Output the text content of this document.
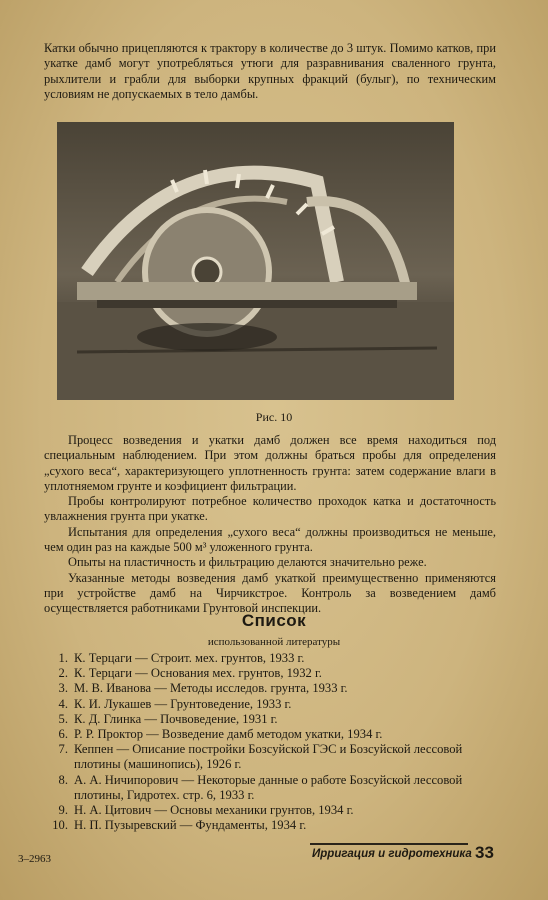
Катки обычно прицепляются к трактору в количестве до 3 штук. Помимо катков, при укатке дамб могут употребляться утюги для разравнивания сваленного грунта, рыхлители и грабли для выборки крупных фракций (булыг), по техническим условиям не допускаемых в тело дамбы.

Рис. 10

Процесс возведения и укатки дамб должен все время находиться под специальным наблюдением. При этом должны браться пробы для определения „сухого веса“, характеризующего уплотненность грунта: затем содержание влаги в уплотняемом грунте и коэфициент фильтрации.

Пробы контролируют потребное количество проходок катка и достаточность увлажнения грунта при укатке.

Испытания для определения „сухого веса“ должны производиться не меньше, чем один раз на каждые 500 м³ уложенного грунта.

Опыты на пластичность и фильтрацию делаются значительно реже.

Указанные методы возведения дамб укаткой преимущественно применяются при устройстве дамб на Чирчикстрое. Контроль за возведением дамб осуществляется работниками Грунтовой инспекции.

Список
использованной литературы
1. К. Терцаги — Строит. мех. грунтов, 1933 г.
2. К. Терцаги — Основания мех. грунтов, 1932 г.
3. М. В. Иванова — Методы исследов. грунта, 1933 г.
4. К. И. Лукашев — Грунтоведение, 1933 г.
5. К. Д. Глинка — Почвоведение, 1931 г.
6. Р. Р. Проктор — Возведение дамб методом укатки, 1934 г.
7. Кеппен — Описание постройки Бозсуйской ГЭС и Бозсуйской лессовой плотины (машинопись), 1926 г.
8. А. А. Ничипорович — Некоторые данные о работе Бозсуйской лессовой плотины, Гидротех. стр. 6, 1933 г.
9. Н. А. Цитович — Основы механики грунтов, 1934 г.
10. Н. П. Пузыревский — Фундаменты, 1934 г.
3–2963	Ирригация и гидротехника 33
